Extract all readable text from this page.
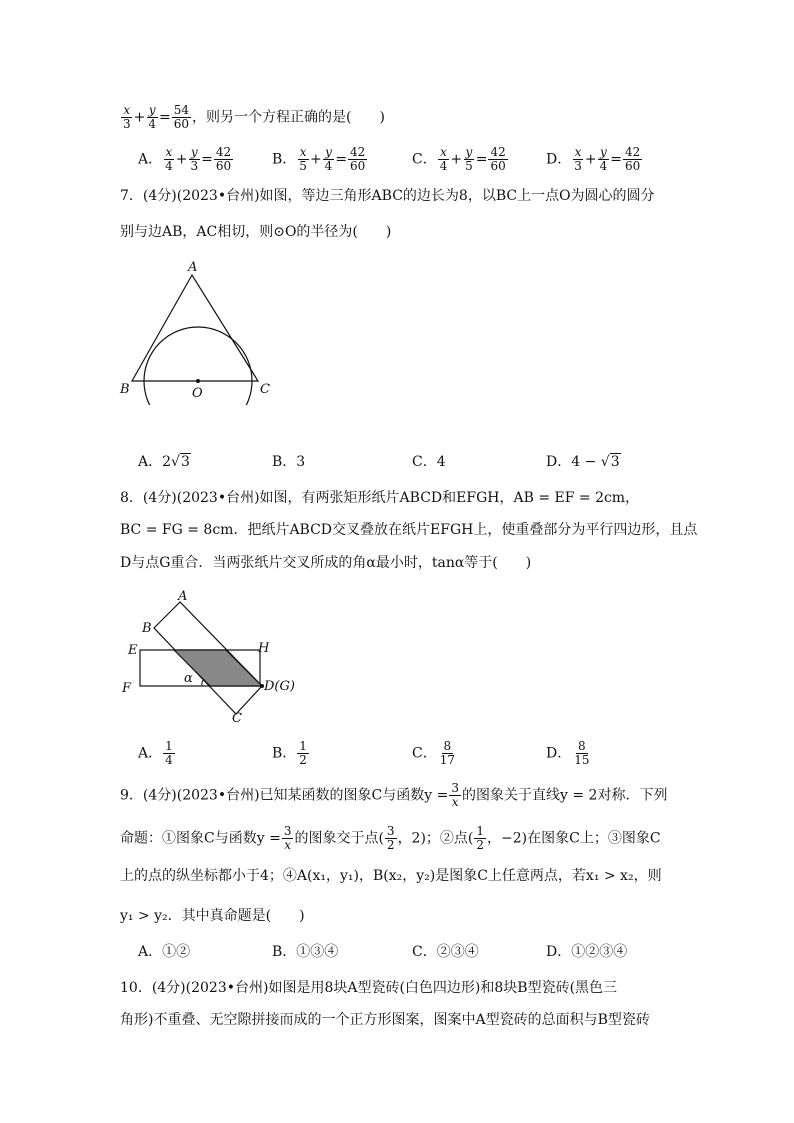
$\frac{x}{3} + \frac{y}{4} = \frac{54}{60}$ ，则另一个方程正确的是(　　)
A． $\frac{x}{4} + \frac{y}{3} = \frac{42}{60}$	B． $\frac{x}{5} + \frac{y}{4} = \frac{42}{60}$	C． $\frac{x}{4} + \frac{y}{5} = \frac{42}{60}$	D． $\frac{x}{3} + \frac{y}{4} = \frac{42}{60}$
7．(4分)(2023•台州)如图，等边三角形ABC的边长为8，以BC上一点O为圆心的圆分
别与边AB，AC相切，则⊙O的半径为(　　)
A
B	C
O
A．2√3	B．3	C．4	D．4 − √3
8．(4分)(2023•台州)如图，有两张矩形纸片ABCD和EFGH，AB = EF = 2cm，
BC = FG = 8cm．把纸片ABCD交叉叠放在纸片EFGH上，使重叠部分为平行四边形，且点
D与点G重合．当两张纸片交叉所成的角α最小时，tanα等于(　　)
A
B
E	H
F	D(G)
α
C
A． $\frac{1}{4}$	B． $\frac{1}{2}$	C． $\frac{8}{17}$	D． $\frac{8}{15}$
9．(4分)(2023•台州)已知某函数的图象C与函数$y = \frac{3}{x}$ 的图象关于直线y = 2对称．下列
命题：①图象C与函数$y = \frac{3}{x}$ 的图象交于点( $\frac{3}{2}$ ，2)；②点( $\frac{1}{2}$ ，−2)在图象C上；③图象C
上的点的纵坐标都小于4；④A(x₁，y₁)，B(x₂，y₂)是图象C上任意两点，若x₁ > x₂，则
y₁ > y₂．其中真命题是(　　)
A．①②	B．①③④	C．②③④	D．①②③④
10．(4分)(2023•台州)如图是用8块A型瓷砖(白色四边形)和8块B型瓷砖(黑色三
角形)不重叠、无空隙拼接而成的一个正方形图案，图案中A型瓷砖的总面积与B型瓷砖
